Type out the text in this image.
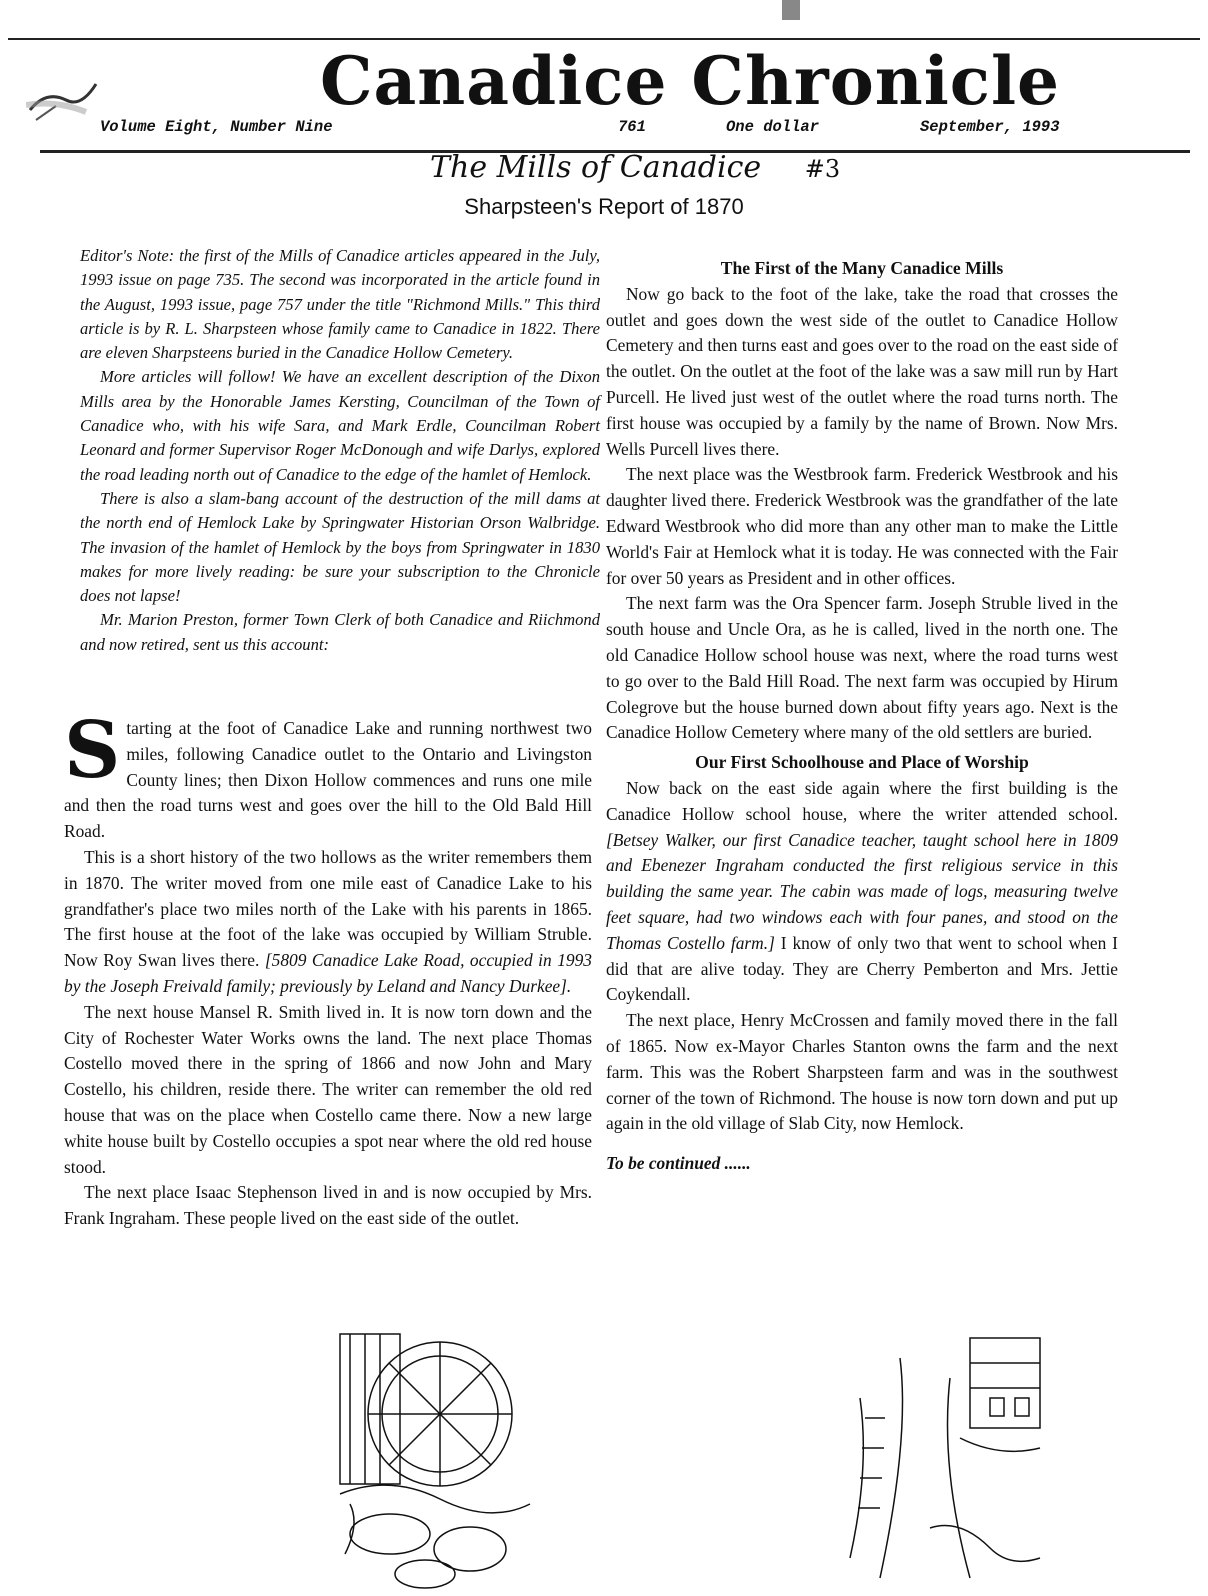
Canadice Chronicle
Volume Eight, Number Nine	761	One dollar	September, 1993
The Mills of Canadice #3
Sharpsteen's Report of 1870

Editor's Note: the first of the Mills of Canadice articles appeared in the July, 1993 issue on page 735. The second was incorporated in the article found in the August, 1993 issue, page 757 under the title "Richmond Mills." This third article is by R. L. Sharpsteen whose family came to Canadice in 1822. There are eleven Sharpsteens buried in the Canadice Hollow Cemetery.

More articles will follow! We have an excellent description of the Dixon Mills area by the Honorable James Kersting, Councilman of the Town of Canadice who, with his wife Sara, and Mark Erdle, Councilman Robert Leonard and former Supervisor Roger McDonough and wife Darlys, explored the road leading north out of Canadice to the edge of the hamlet of Hemlock.

There is also a slam-bang account of the destruction of the mill dams at the north end of Hemlock Lake by Springwater Historian Orson Walbridge. The invasion of the hamlet of Hemlock by the boys from Springwater in 1830 makes for more lively reading: be sure your subscription to the Chronicle does not lapse!

Mr. Marion Preston, former Town Clerk of both Canadice and Riichmond and now retired, sent us this account:

S tarting at the foot of Canadice Lake and running northwest two miles, following Canadice outlet to the Ontario and Livingston County lines; then Dixon Hollow commences and runs one mile and then the road turns west and goes over the hill to the Old Bald Hill Road.

This is a short history of the two hollows as the writer remembers them in 1870. The writer moved from one mile east of Canadice Lake to his grandfather's place two miles north of the Lake with his parents in 1865. The first house at the foot of the lake was occupied by William Struble. Now Roy Swan lives there. [5809 Canadice Lake Road, occupied in 1993 by the Joseph Freivald family; previously by Leland and Nancy Durkee].

The next house Mansel R. Smith lived in. It is now torn down and the City of Rochester Water Works owns the land. The next place Thomas Costello moved there in the spring of 1866 and now John and Mary Costello, his children, reside there. The writer can remember the old red house that was on the place when Costello came there. Now a new large white house built by Costello occupies a spot near where the old red house stood.

The next place Isaac Stephenson lived in and is now occupied by Mrs. Frank Ingraham. These people lived on the east side of the outlet.

The First of the Many Canadice Mills

Now go back to the foot of the lake, take the road that crosses the outlet and goes down the west side of the outlet to Canadice Hollow Cemetery and then turns east and goes over to the road on the east side of the outlet. On the outlet at the foot of the lake was a saw mill run by Hart Purcell. He lived just west of the outlet where the road turns north. The first house was occupied by a family by the name of Brown. Now Mrs. Wells Purcell lives there.

The next place was the Westbrook farm. Frederick Westbrook and his daughter lived there. Frederick Westbrook was the grandfather of the late Edward Westbrook who did more than any other man to make the Little World's Fair at Hemlock what it is today. He was connected with the Fair for over 50 years as President and in other offices.

The next farm was the Ora Spencer farm. Joseph Struble lived in the south house and Uncle Ora, as he is called, lived in the north one. The old Canadice Hollow school house was next, where the road turns west to go over to the Bald Hill Road. The next farm was occupied by Hirum Colegrove but the house burned down about fifty years ago. Next is the Canadice Hollow Cemetery where many of the old settlers are buried.

Our First Schoolhouse and Place of Worship

Now back on the east side again where the first building is the Canadice Hollow school house, where the writer attended school. [Betsey Walker, our first Canadice teacher, taught school here in 1809 and Ebenezer Ingraham conducted the first religious service in this building the same year. The cabin was made of logs, measuring twelve feet square, had two windows each with four panes, and stood on the Thomas Costello farm.] I know of only two that went to school when I did that are alive today. They are Cherry Pemberton and Mrs. Jettie Coykendall.

The next place, Henry McCrossen and family moved there in the fall of 1865. Now ex-Mayor Charles Stanton owns the farm and the next farm. This was the Robert Sharpsteen farm and was in the southwest corner of the town of Richmond. The house is now torn down and put up again in the old village of Slab City, now Hemlock.

To be continued ......
